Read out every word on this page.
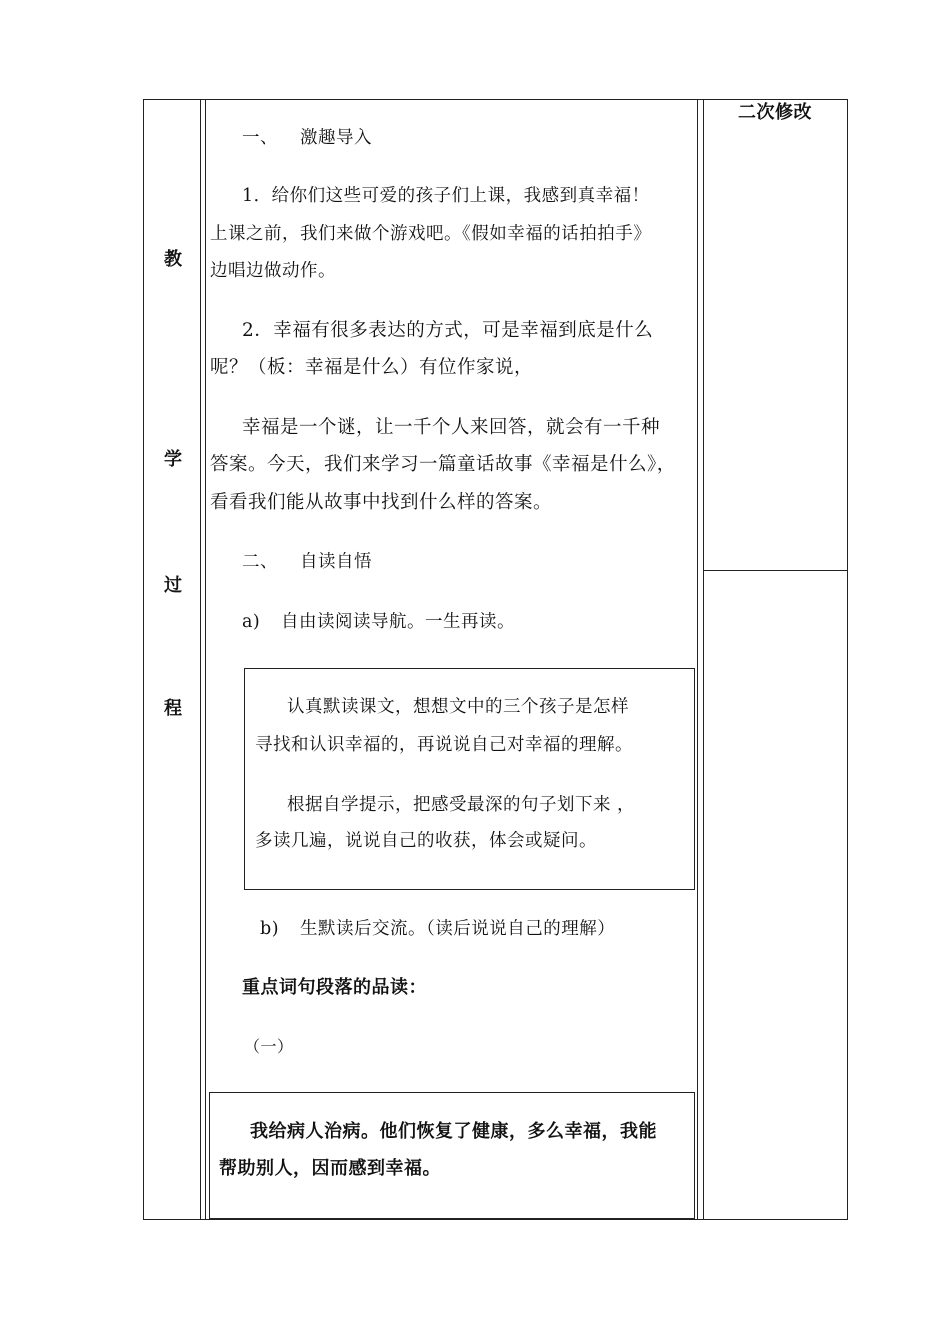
教
学
过
程
二次修改
一、 激趣导入
1．给你们这些可爱的孩子们上课，我感到真幸福！
上课之前，我们来做个游戏吧。《假如幸福的话拍拍手》
边唱边做动作。
2．幸福有很多表达的方式，可是幸福到底是什么
呢？（板：幸福是什么）有位作家说，
幸福是一个谜，让一千个人来回答，就会有一千种
答案。今天，我们来学习一篇童话故事《幸福是什么》，
看看我们能从故事中找到什么样的答案。
二、 自读自悟
a) 自由读阅读导航。一生再读。
认真默读课文，想想文中的三个孩子是怎样
寻找和认识幸福的，再说说自己对幸福的理解。
根据自学提示，把感受最深的句子划下来 ，
多读几遍，说说自己的收获，体会或疑问。
b) 生默读后交流。（读后说说自己的理解）
重点词句段落的品读：
（一）
我给病人治病。他们恢复了健康，多么幸福，我能
帮助别人，因而感到幸福。
